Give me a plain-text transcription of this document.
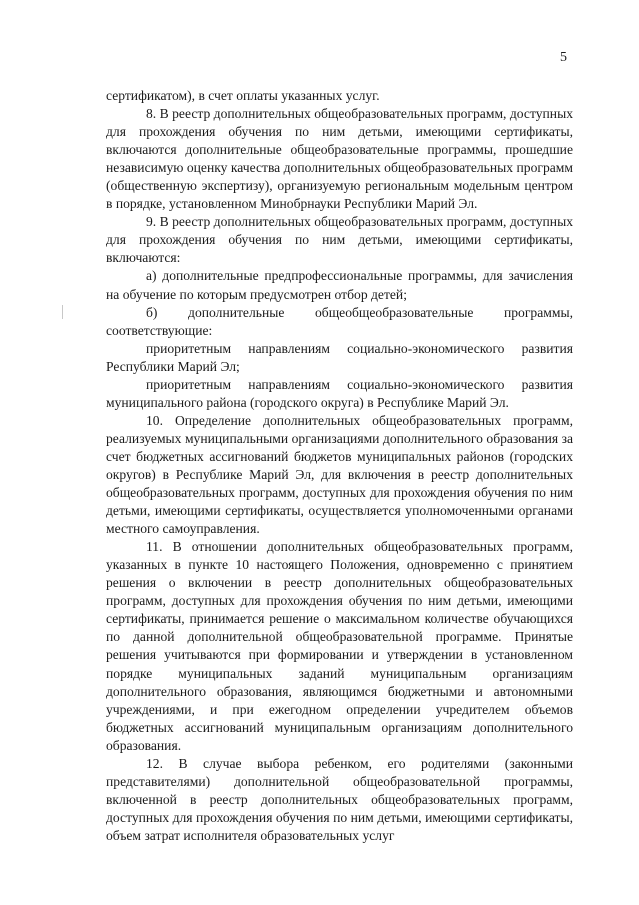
5

сертификатом), в счет оплаты указанных услуг.

8. В реестр дополнительных общеобразовательных программ, доступных для прохождения обучения по ним детьми, имеющими сертификаты, включаются дополнительные общеобразовательные программы, прошедшие независимую оценку качества дополнительных общеобразовательных программ (общественную экспертизу), организуемую региональным модельным центром в порядке, установленном Минобрнауки Республики Марий Эл.

9. В реестр дополнительных общеобразовательных программ, доступных для прохождения обучения по ним детьми, имеющими сертификаты, включаются:

а) дополнительные предпрофессиональные программы, для зачисления на обучение по которым предусмотрен отбор детей;

б) дополнительные общеобщеобразовательные программы, соответствующие:

приоритетным направлениям социально-экономического развития Республики Марий Эл;

приоритетным направлениям социально-экономического развития муниципального района (городского округа) в Республике Марий Эл.

10. Определение дополнительных общеобразовательных программ, реализуемых муниципальными организациями дополнительного образования за счет бюджетных ассигнований бюджетов муниципальных районов (городских округов) в Республике Марий Эл, для включения в реестр дополнительных общеобразовательных программ, доступных для прохождения обучения по ним детьми, имеющими сертификаты, осуществляется уполномоченными органами местного самоуправления.

11. В отношении дополнительных общеобразовательных программ, указанных в пункте 10 настоящего Положения, одновременно с принятием решения о включении в реестр дополнительных общеобразовательных программ, доступных для прохождения обучения по ним детьми, имеющими сертификаты, принимается решение о максимальном количестве обучающихся по данной дополнительной общеобразовательной программе. Принятые решения учитываются при формировании и утверждении в установленном порядке муниципальных заданий муниципальным организациям дополнительного образования, являющимся бюджетными и автономными учреждениями, и при ежегодном определении учредителем объемов бюджетных ассигнований муниципальным организациям дополнительного образования.

12. В случае выбора ребенком, его родителями (законными представителями) дополнительной общеобразовательной программы, включенной в реестр дополнительных общеобразовательных программ, доступных для прохождения обучения по ним детьми, имеющими сертификаты, объем затрат исполнителя образовательных услуг
